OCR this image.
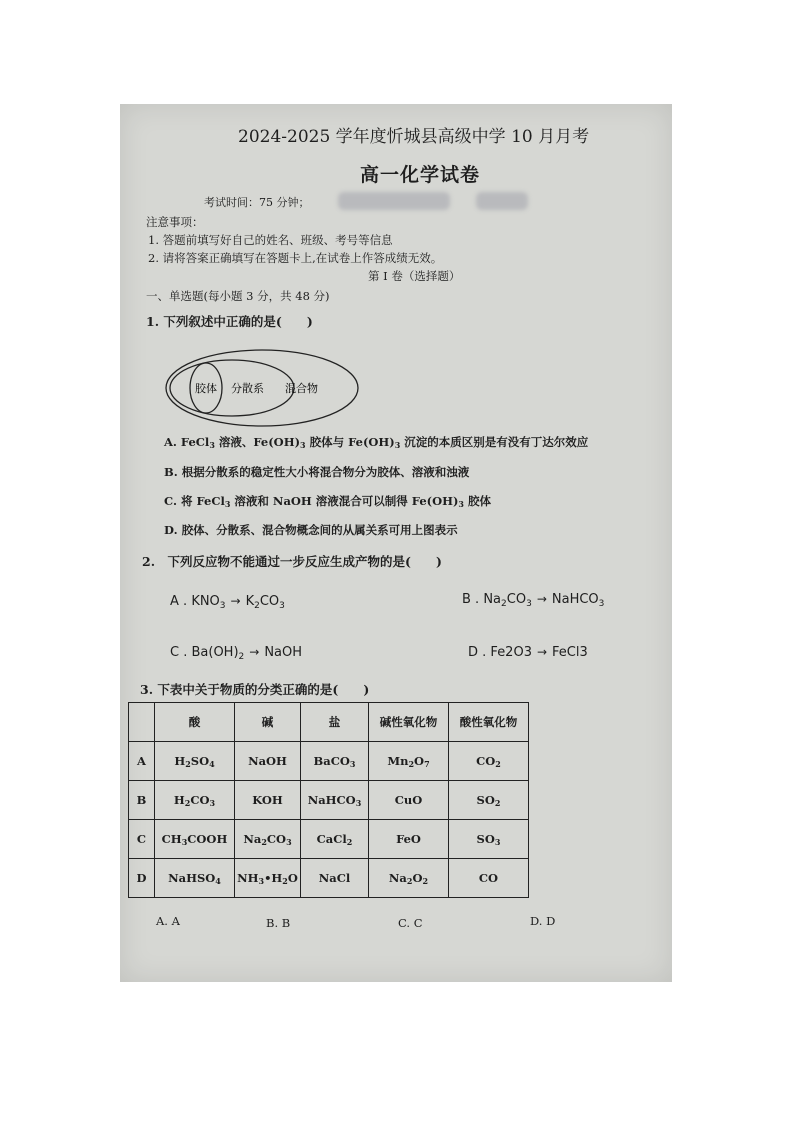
2024-2025 学年度忻城县高级中学 10 月月考
高一化学试卷
考试时间：75 分钟；
注意事项：
1. 答题前填写好自己的姓名、班级、考号等信息
2. 请将答案正确填写在答题卡上,在试卷上作答成绩无效。
第 I 卷（选择题）
一、单选题(每小题 3 分，共 48 分)
1. 下列叙述中正确的是(　　)
胶体 分散系 混合物
A. FeCl$_3$ 溶液、$Fe(OH)_3$ 胶体与 $Fe(OH)_3$ 沉淀的本质区别是有没有丁达尔效应
B. 根据分散系的稳定性大小将混合物分为胶体、溶液和浊液
C. 将 FeCl$_3$ 溶液和 NaOH 溶液混合可以制得 $Fe(OH)_3$ 胶体
D. 胶体、分散系、混合物概念间的从属关系可用上图表示
2.　下列反应物不能通过一步反应生成产物的是(　　)
A . $KNO_3 \to K_2CO_3$	B . $Na_2CO_3$ → NaHCO$_3$
C . $Ba(OH)_2$ → NaOH	D . Fe2O3 → FeCl3
3. 下表中关于物质的分类正确的是(　　)
	酸	碱	盐	碱性氧化物	酸性氧化物
A	$H_2SO_4$	NaOH	BaCO$_3$	$Mn_2O_7$	$CO_2$
B	$H_2CO_3$	KOH	NaHCO$_3$	CuO	$SO_2$
C	$CH_3COOH$	$Na_2CO_3$	CaCl$_2$	FeO	$SO_3$
D	NaHSO$_4$	$NH_3•H_2O$	NaCl	$Na_2O_2$	CO
A. A	B. B	C. C	D. D
